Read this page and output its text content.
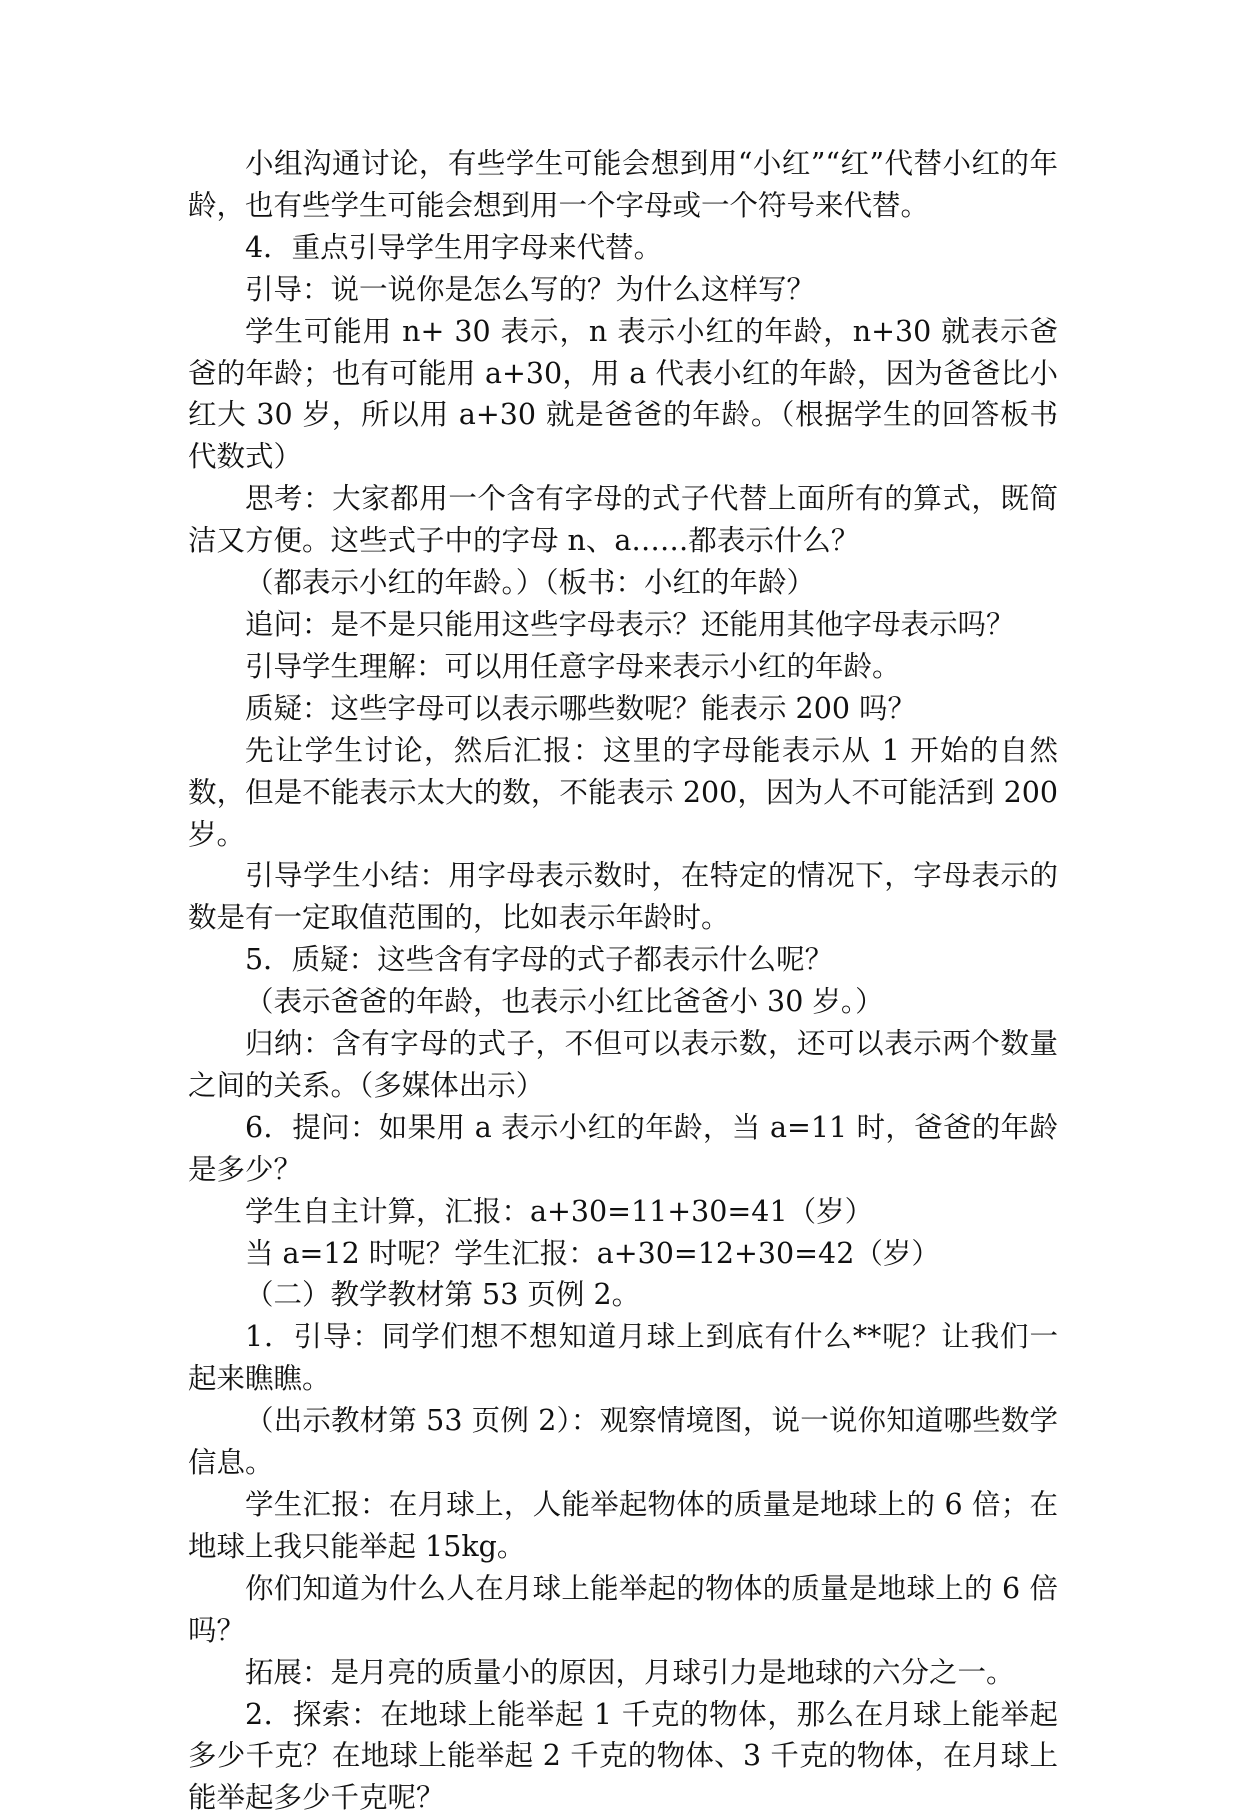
小组沟通讨论，有些学生可能会想到用“小红”“红”代替小红的年龄，也有些学生可能会想到用一个字母或一个符号来代替。

4．重点引导学生用字母来代替。

引导：说一说你是怎么写的？为什么这样写？

学生可能用 n+ 30 表示，n 表示小红的年龄，n+30 就表示爸爸的年龄；也有可能用 a+30，用 a 代表小红的年龄，因为爸爸比小红大 30 岁，所以用 a+30 就是爸爸的年龄。（根据学生的回答板书代数式）

思考：大家都用一个含有字母的式子代替上面所有的算式，既简洁又方便。这些式子中的字母 n、a……都表示什么？

（都表示小红的年龄。）（板书：小红的年龄）

追问：是不是只能用这些字母表示？还能用其他字母表示吗？

引导学生理解：可以用任意字母来表示小红的年龄。

质疑：这些字母可以表示哪些数呢？能表示 200 吗？

先让学生讨论，然后汇报：这里的字母能表示从 1 开始的自然数，但是不能表示太大的数，不能表示 200，因为人不可能活到 200 岁。

引导学生小结：用字母表示数时，在特定的情况下，字母表示的数是有一定取值范围的，比如表示年龄时。

5．质疑：这些含有字母的式子都表示什么呢？

（表示爸爸的年龄，也表示小红比爸爸小 30 岁。）

归纳：含有字母的式子，不但可以表示数，还可以表示两个数量之间的关系。（多媒体出示）

6．提问：如果用 a 表示小红的年龄，当 a=11 时，爸爸的年龄是多少？

学生自主计算，汇报：a+30=11+30=41（岁）

当 a=12 时呢？学生汇报：a+30=12+30=42（岁）

（二）教学教材第 53 页例 2。

1．引导：同学们想不想知道月球上到底有什么**呢？让我们一起来瞧瞧。

（出示教材第 53 页例 2）：观察情境图，说一说你知道哪些数学信息。

学生汇报：在月球上，人能举起物体的质量是地球上的 6 倍；在地球上我只能举起 15kg。

你们知道为什么人在月球上能举起的物体的质量是地球上的 6 倍吗？

拓展：是月亮的质量小的原因，月球引力是地球的六分之一。

2．探索：在地球上能举起 1 千克的物体，那么在月球上能举起多少千克？在地球上能举起 2 千克的物体、3 千克的物体，在月球上能举起多少千克呢？
